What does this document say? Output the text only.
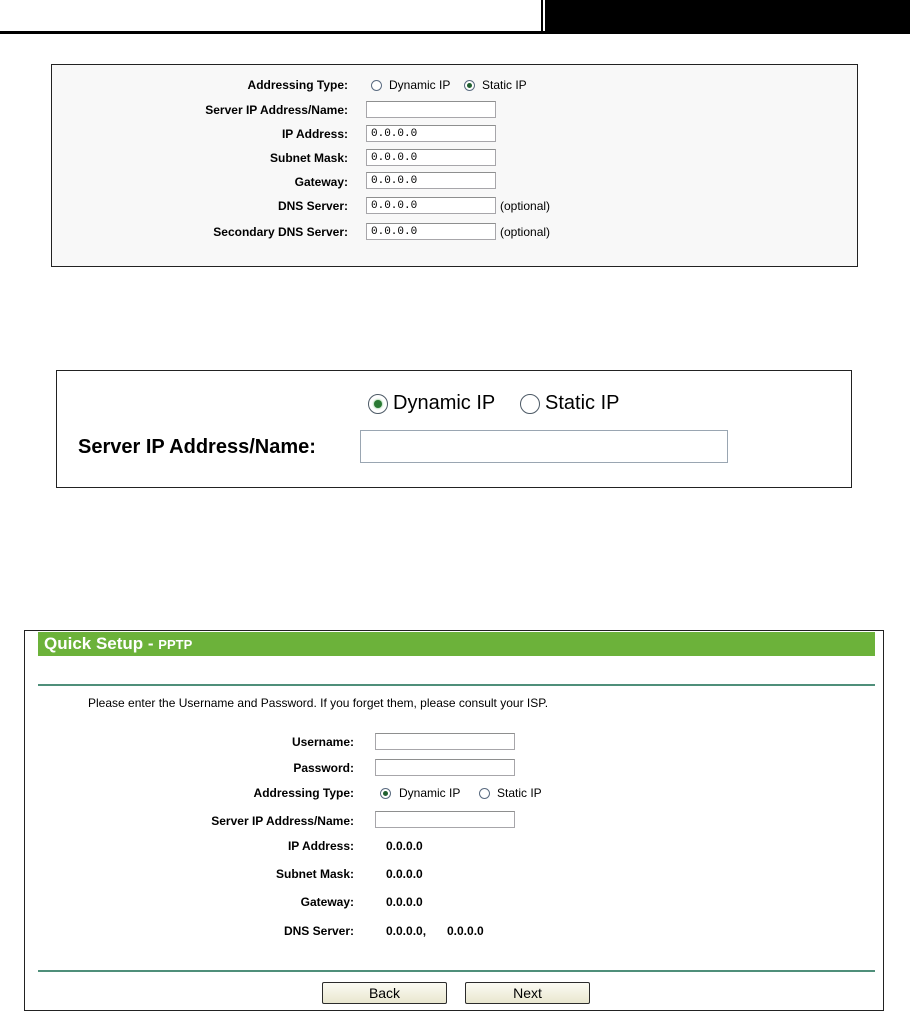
Addressing Type:	Dynamic IP	Static IP
Server IP Address/Name:
IP Address:
0.0.0.0
Subnet Mask:
0.0.0.0
Gateway:
0.0.0.0
DNS Server:
0.0.0.0	(optional)
Secondary DNS Server:
0.0.0.0	(optional)
Dynamic IP Static IP
Server IP Address/Name:
Quick Setup - PPTP
Please enter the Username and Password. If you forget them, please consult your ISP.
Username:
Password:
Addressing Type:	Dynamic IP	Static IP
Server IP Address/Name:
IP Address:	0.0.0.0
Subnet Mask:	0.0.0.0
Gateway:	0.0.0.0
DNS Server:	0.0.0.0, 0.0.0.0
Back	Next
